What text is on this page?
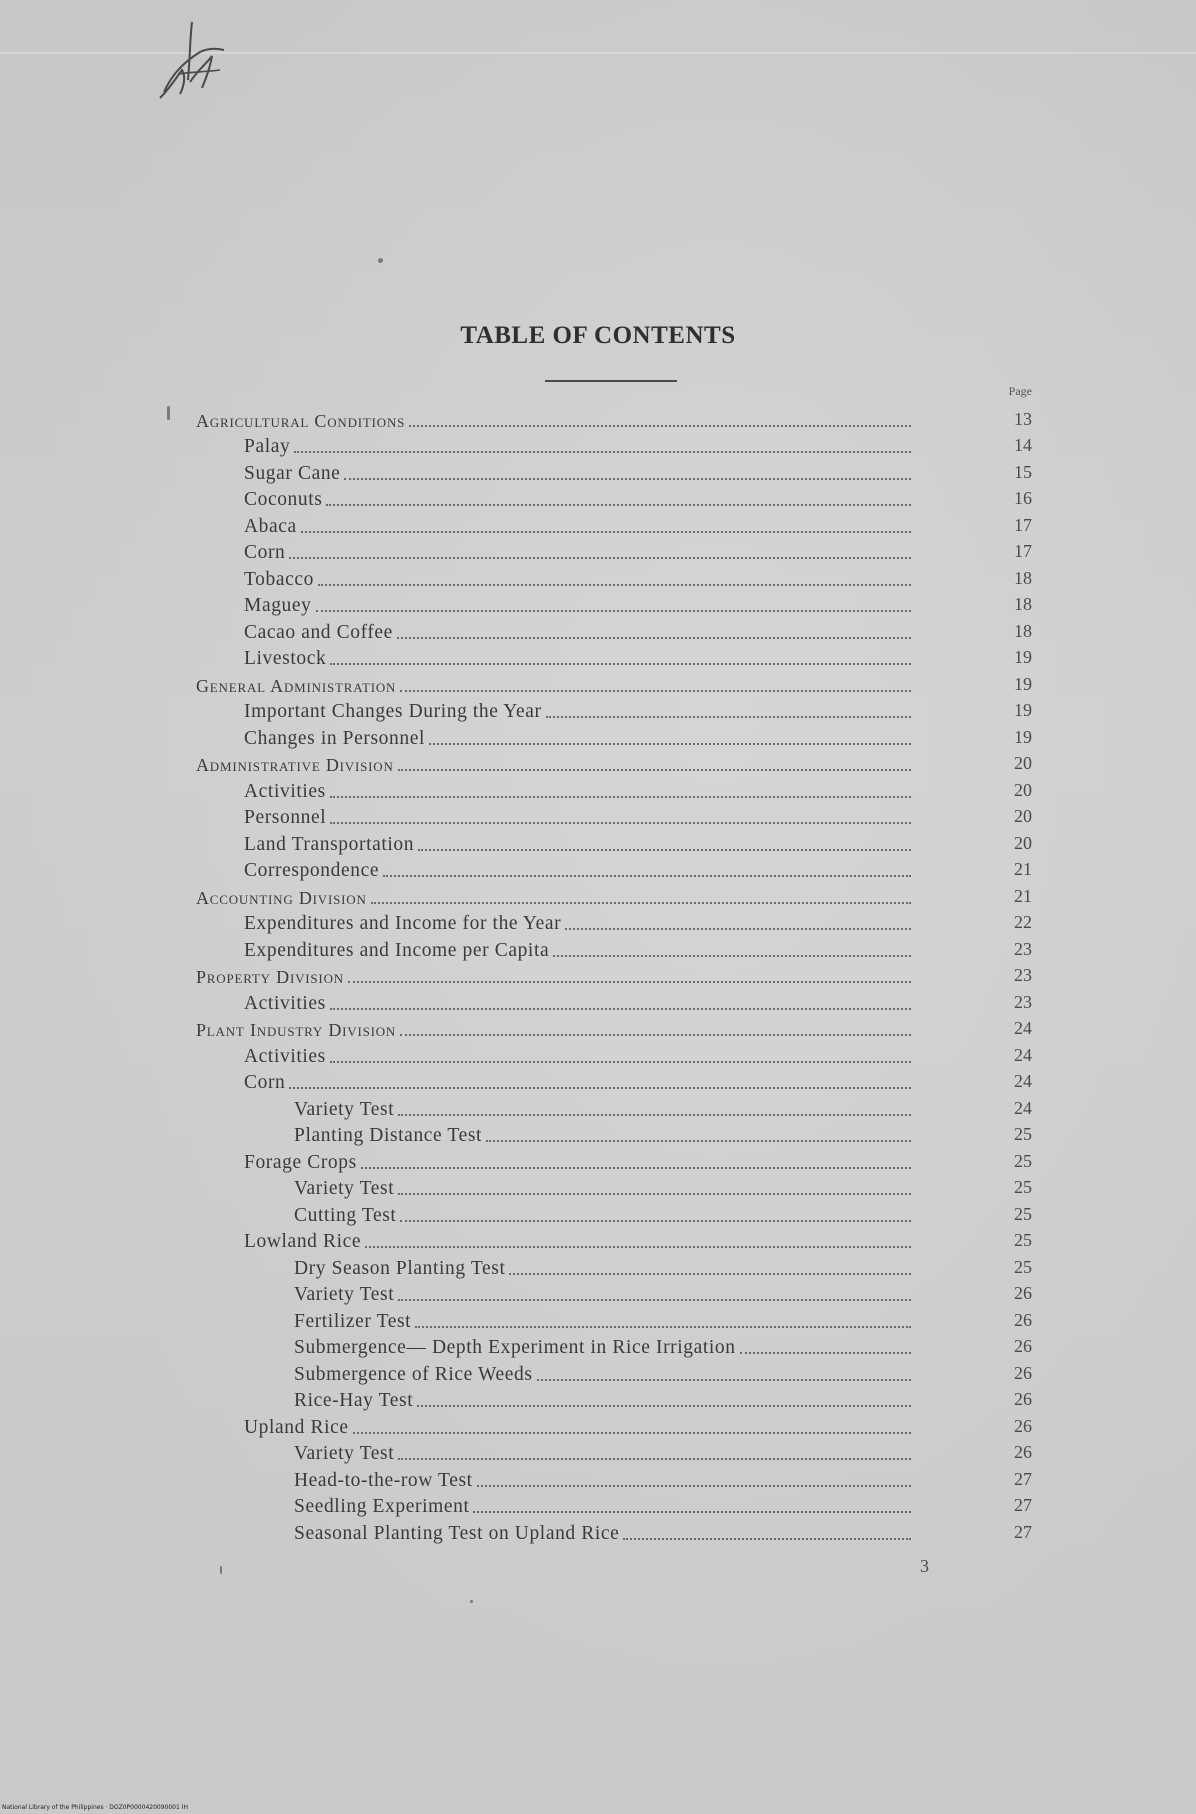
TABLE OF CONTENTS
Page
Agricultural Conditions	13
Palay	14
Sugar Cane	15
Coconuts	16
Abaca	17
Corn	17
Tobacco	18
Maguey	18
Cacao and Coffee	18
Livestock	19
General Administration	19
Important Changes During the Year	19
Changes in Personnel	19
Administrative Division	20
Activities	20
Personnel	20
Land Transportation	20
Correspondence	21
Accounting Division	21
Expenditures and Income for the Year	22
Expenditures and Income per Capita	23
Property Division	23
Activities	23
Plant Industry Division	24
Activities	24
Corn	24
Variety Test	24
Planting Distance Test	25
Forage Crops	25
Variety Test	25
Cutting Test	25
Lowland Rice	25
Dry Season Planting Test	25
Variety Test	26
Fertilizer Test	26
Submergence— Depth Experiment in Rice Irrigation	26
Submergence of Rice Weeds	26
Rice-Hay Test	26
Upland Rice	26
Variety Test	26
Head-to-the-row Test	27
Seedling Experiment	27
Seasonal Planting Test on Upland Rice	27
3
National Library of the Philippines · DOZ0P0000420090001 IH
